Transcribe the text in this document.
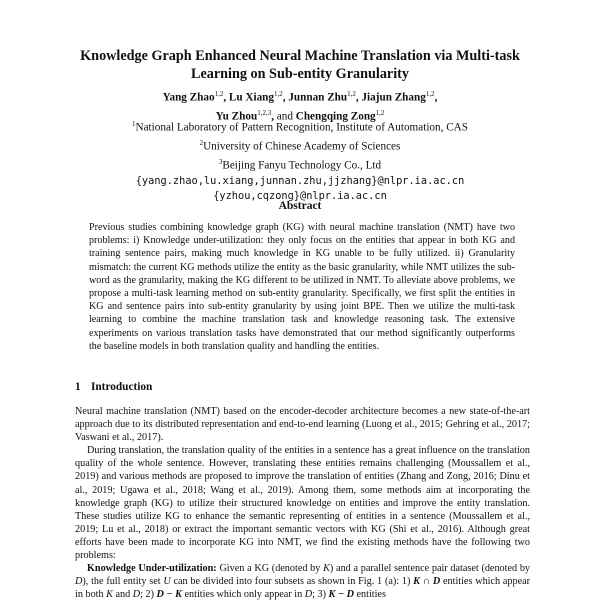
Knowledge Graph Enhanced Neural Machine Translation via Multi-task
Learning on Sub-entity Granularity
Yang Zhao$^{1,2}$, Lu Xiang$^{1,2}$, Junnan Zhu$^{1,2}$, Jiajun Zhang$^{1,2}$,
Yu Zhou$^{1,2,3}$, and Chengqing Zong$^{1,2}$
$^1$National Laboratory of Pattern Recognition, Institute of Automation, CAS
$^2$University of Chinese Academy of Sciences
$^3$Beijing Fanyu Technology Co., Ltd
{yang.zhao,lu.xiang,junnan.zhu,jjzhang}@nlpr.ia.ac.cn
{yzhou,cqzong}@nlpr.ia.ac.cn
Abstract
Previous studies combining knowledge graph (KG) with neural machine translation (NMT) have two problems: i) Knowledge under-utilization: they only focus on the entities that appear in both KG and training sentence pairs, making much knowledge in KG unable to be fully utilized. ii) Granularity mismatch: the current KG methods utilize the entity as the basic granularity, while NMT utilizes the sub-word as the granularity, making the KG different to be utilized in NMT. To alleviate above problems, we propose a multi-task learning method on sub-entity granularity. Specifically, we first split the entities in KG and sentence pairs into sub-entity granularity by using joint BPE. Then we utilize the multi-task learning to combine the machine translation task and knowledge reasoning task. The extensive experiments on various translation tasks have demonstrated that our method significantly outperforms the baseline models in both translation quality and handling the entities.
1 Introduction

Neural machine translation (NMT) based on the encoder-decoder architecture becomes a new state-of-the-art approach due to its distributed representation and end-to-end learning (Luong et al., 2015; Gehring et al., 2017; Vaswani et al., 2017).

During translation, the translation quality of the entities in a sentence has a great influence on the translation quality of the whole sentence. However, translating these entities remains challenging (Moussallem et al., 2019) and various methods are proposed to improve the translation of entities (Zhang and Zong, 2016; Dinu et al., 2019; Ugawa et al., 2018; Wang et al., 2019). Among them, some methods aim at incorporating the knowledge graph (KG) to utilize their structured knowledge on entities and improve the entity translation. These studies utilize KG to enhance the semantic representing of entities in a sentence (Moussallem et al., 2019; Lu et al., 2018) or extract the important semantic vectors with KG (Shi et al., 2016). Although great efforts have been made to incorporate KG into NMT, we find the existing methods have the following two problems:

Knowledge Under-utilization: Given a KG (denoted by K) and a parallel sentence pair dataset (denoted by D), the full entity set U can be divided into four subsets as shown in Fig. 1 (a): 1) K ∩ D entities which appear in both K and D; 2) D − K entities which only appear in D; 3) K − D entities
